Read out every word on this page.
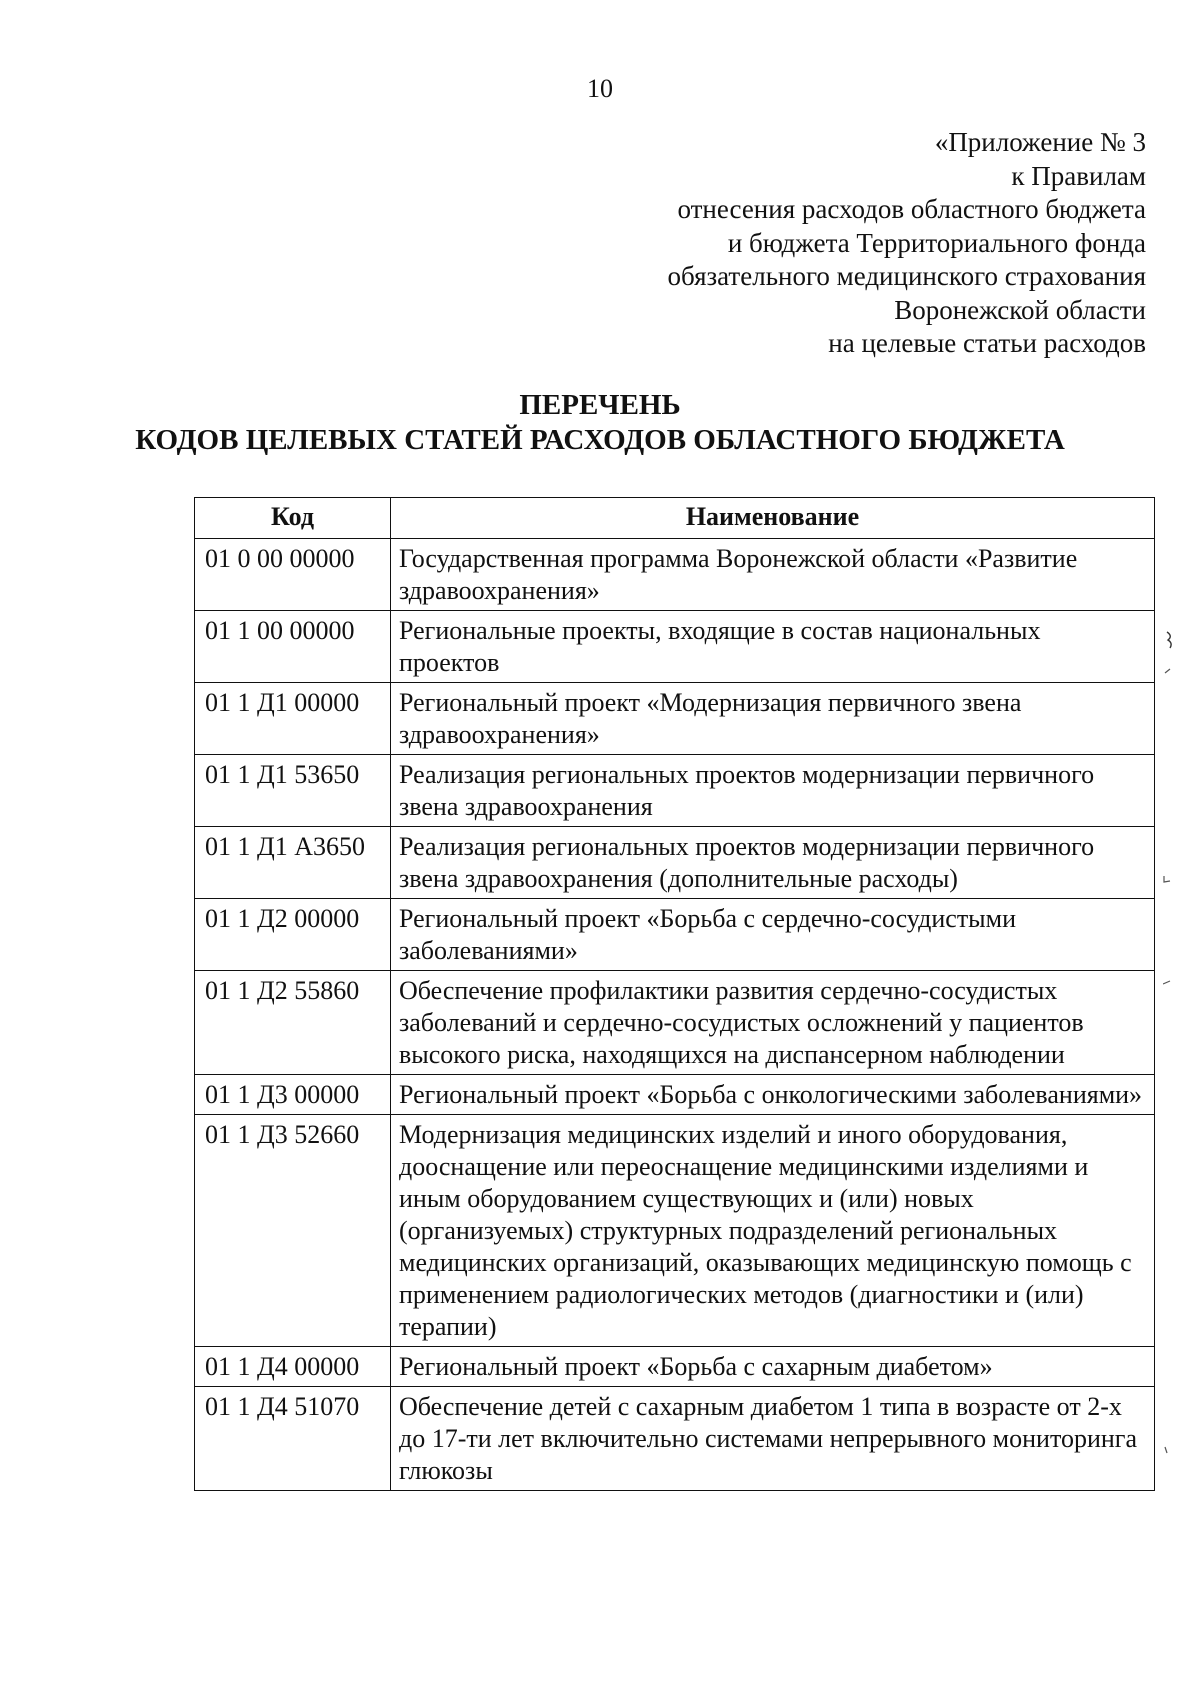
10
«Приложение № 3
к Правилам
отнесения расходов областного бюджета
и бюджета Территориального фонда
обязательного медицинского страхования
Воронежской области
на целевые статьи расходов
ПЕРЕЧЕНЬ
КОДОВ ЦЕЛЕВЫХ СТАТЕЙ РАСХОДОВ ОБЛАСТНОГО БЮДЖЕТА
Код	Наименование
01 0 00 00000	Государственная программа Воронежской области «Развитие здравоохранения»
01 1 00 00000	Региональные проекты, входящие в состав национальных проектов
01 1 Д1 00000	Региональный проект «Модернизация первичного звена здравоохранения»
01 1 Д1 53650	Реализация региональных проектов модернизации первичного звена здравоохранения
01 1 Д1 А3650	Реализация региональных проектов модернизации первичного звена здравоохранения (дополнительные расходы)
01 1 Д2 00000	Региональный проект «Борьба с сердечно-сосудистыми заболеваниями»
01 1 Д2 55860	Обеспечение профилактики развития сердечно-сосудистых заболеваний и сердечно-сосудистых осложнений у пациентов высокого риска, находящихся на диспансерном наблюдении
01 1 Д3 00000	Региональный проект «Борьба с онкологическими заболеваниями»
01 1 Д3 52660	Модернизация медицинских изделий и иного оборудования, дооснащение или переоснащение медицинскими изделиями и иным оборудованием существующих и (или) новых (организуемых) структурных подразделений региональных медицинских организаций, оказывающих медицинскую помощь с применением радиологических методов (диагностики и (или) терапии)
01 1 Д4 00000	Региональный проект «Борьба с сахарным диабетом»
01 1 Д4 51070	Обеспечение детей с сахарным диабетом 1 типа в возрасте от 2-х до 17-ти лет включительно системами непрерывного мониторинга глюкозы
